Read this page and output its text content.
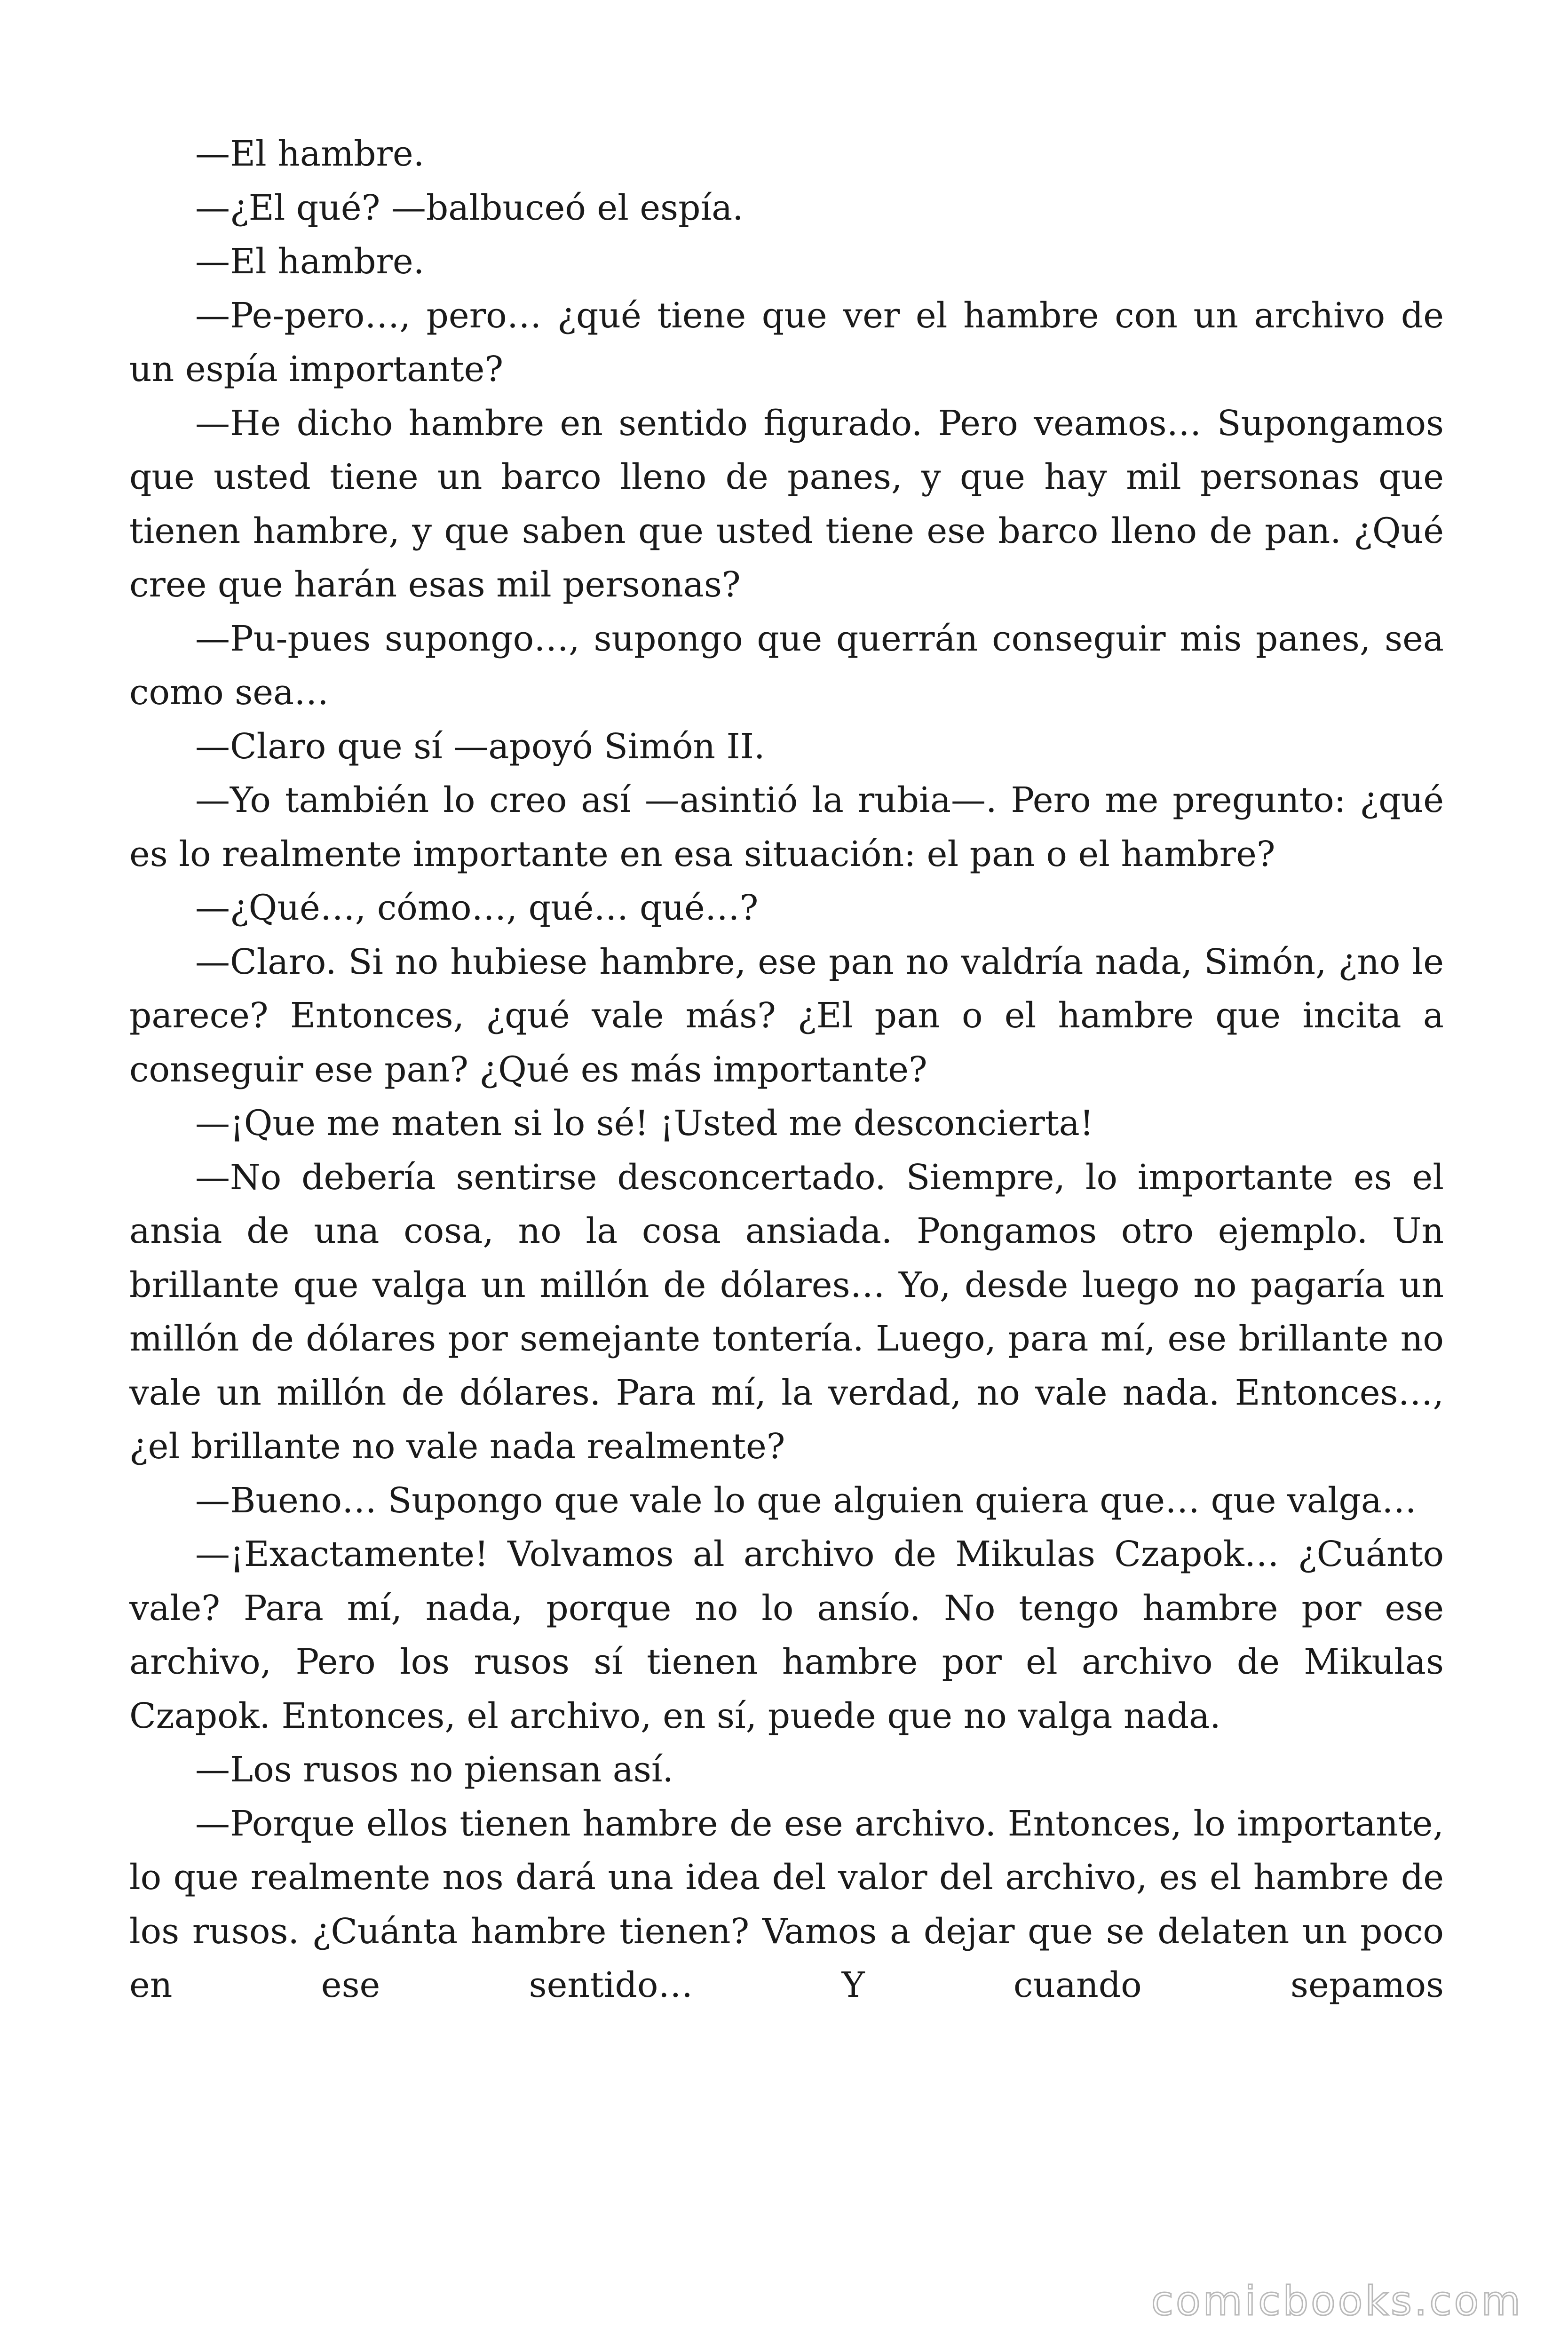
—El hambre.

—¿El qué? —balbuceó el espía.

—El hambre.

—Pe-pero…, pero… ¿qué tiene que ver el hambre con un archivo de un espía importante?

—He dicho hambre en sentido figurado. Pero veamos… Supongamos que usted tiene un barco lleno de panes, y que hay mil personas que tienen hambre, y que saben que usted tiene ese barco lleno de pan. ¿Qué cree que harán esas mil personas?

—Pu-pues supongo…, supongo que querrán conseguir mis panes, sea como sea…

—Claro que sí —apoyó Simón II.

—Yo también lo creo así —asintió la rubia—. Pero me pregunto: ¿qué es lo realmente importante en esa situación: el pan o el hambre?

—¿Qué…, cómo…, qué… qué…?

—Claro. Si no hubiese hambre, ese pan no valdría nada, Simón, ¿no le parece? Entonces, ¿qué vale más? ¿El pan o el hambre que incita a conseguir ese pan? ¿Qué es más importante?

—¡Que me maten si lo sé! ¡Usted me desconcierta!

—No debería sentirse desconcertado. Siempre, lo importante es el ansia de una cosa, no la cosa ansiada. Pongamos otro ejemplo. Un brillante que valga un millón de dólares… Yo, desde luego no pagaría un millón de dólares por semejante tontería. Luego, para mí, ese brillante no vale un millón de dólares. Para mí, la verdad, no vale nada. Entonces…, ¿el brillante no vale nada realmente?

—Bueno… Supongo que vale lo que alguien quiera que… que valga…

—¡Exactamente! Volvamos al archivo de Mikulas Czapok… ¿Cuánto vale? Para mí, nada, porque no lo ansío. No tengo hambre por ese archivo, Pero los rusos sí tienen hambre por el archivo de Mikulas Czapok. Entonces, el archivo, en sí, puede que no valga nada.

—Los rusos no piensan así.

—Porque ellos tienen hambre de ese archivo. Entonces, lo importante, lo que realmente nos dará una idea del valor del archivo, es el hambre de los rusos. ¿Cuánta hambre tienen? Vamos a dejar que se delaten un poco en ese sentido… Y cuando sepamos

comicbooks.com
